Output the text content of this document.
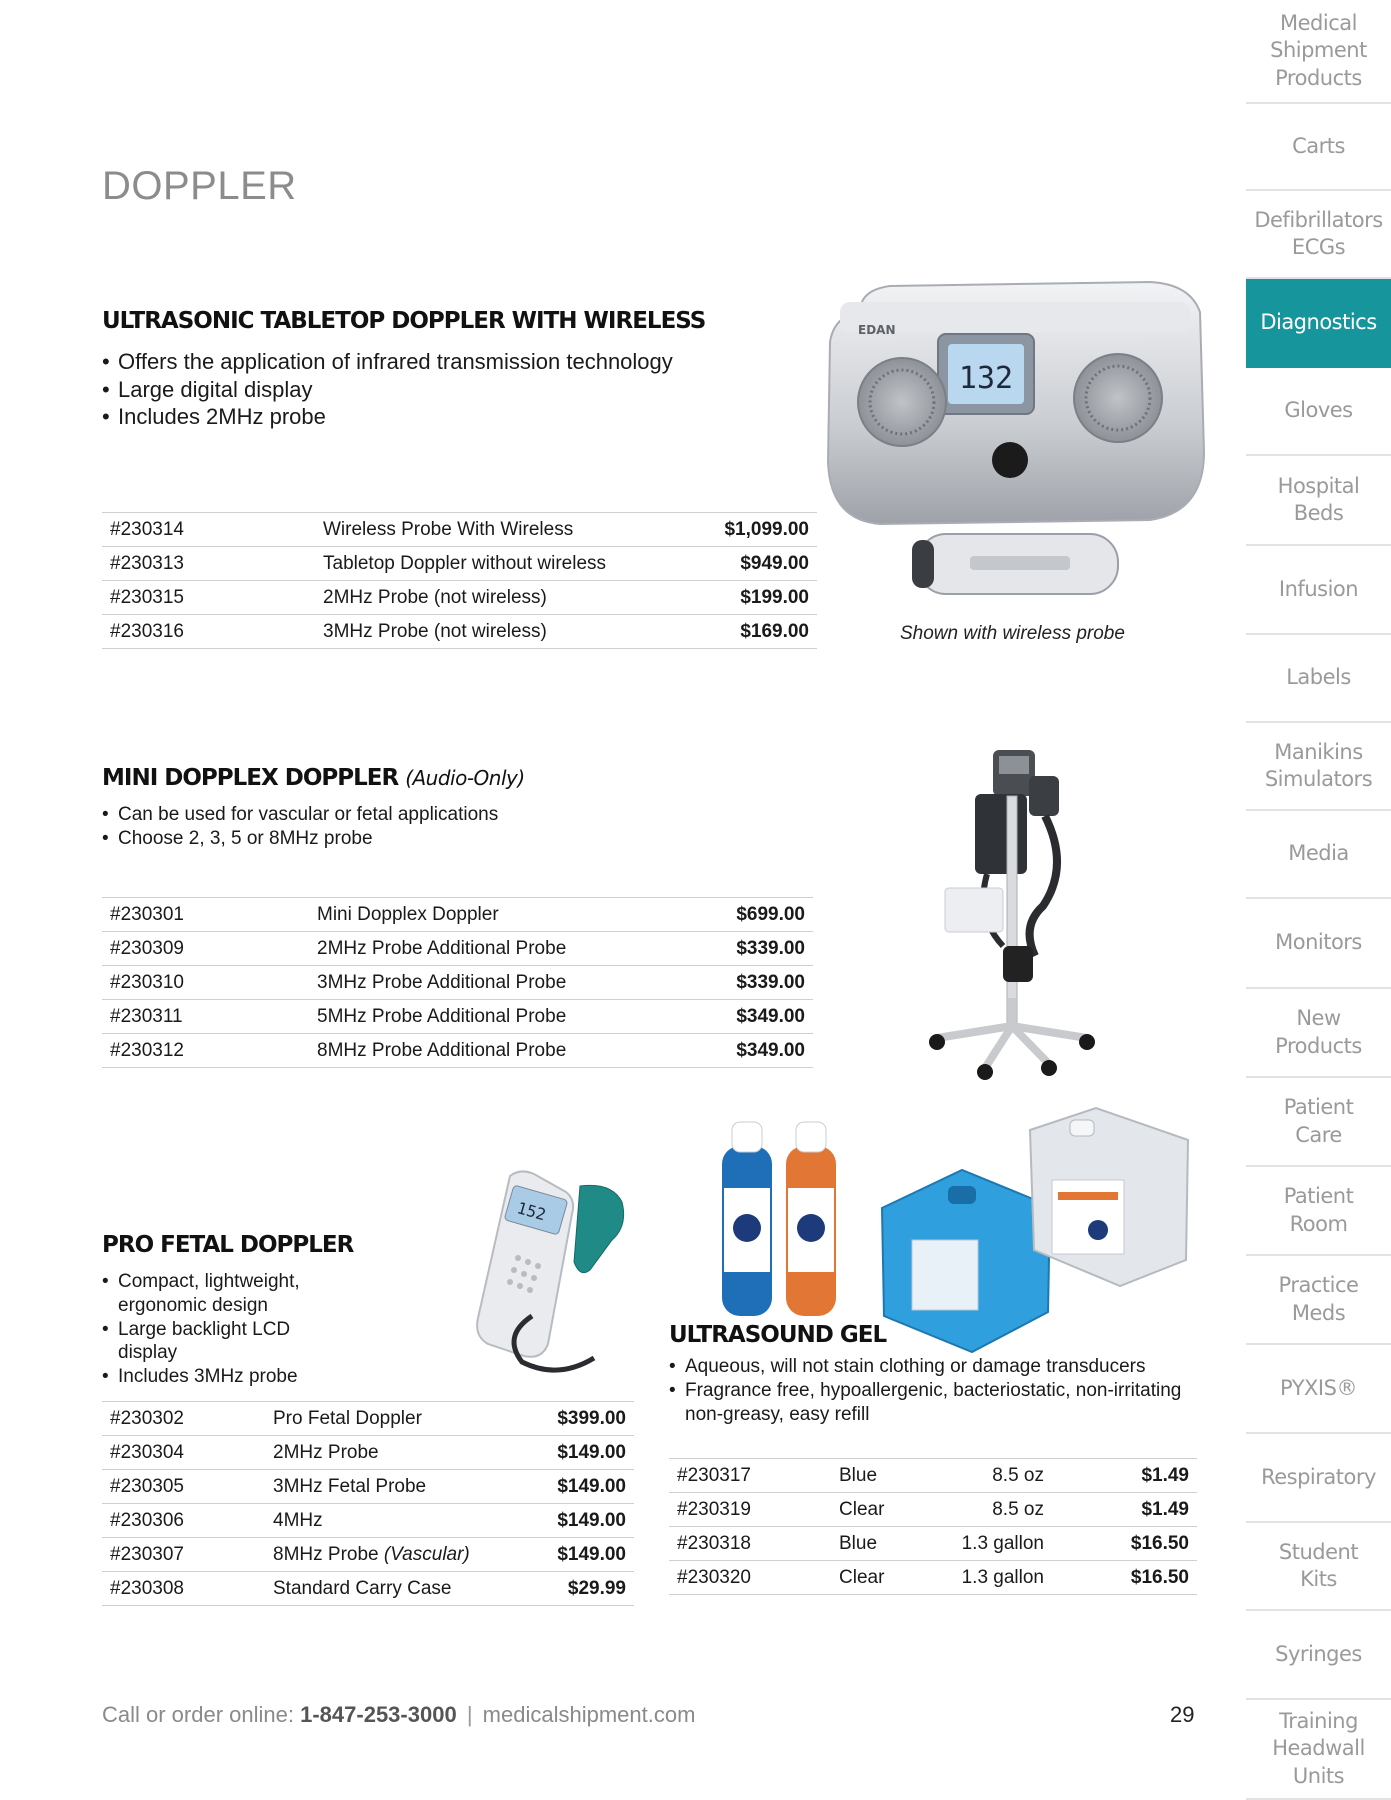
Medical
Shipment
Products
Carts
Defibrillators
ECGs
Diagnostics
Gloves
Hospital
Beds
Infusion
Labels
Manikins
Simulators
Media
Monitors
New
Products
Patient
Care
Patient
Room
Practice
Meds
PYXIS®
Respiratory
Student
Kits
Syringes
Training
Headwall
Units
DOPPLER
ULTRASONIC TABLETOP DOPPLER WITH WIRELESS
• Offers the application of infrared transmission technology
• Large digital display
• Includes 2MHz probe
#230314	Wireless Probe With Wireless	$1,099.00
#230313	Tabletop Doppler without wireless	$949.00
#230315	2MHz Probe (not wireless)	$199.00
#230316	3MHz Probe (not wireless)	$169.00
EDAN
132
Shown with wireless probe
MINI DOPPLEX DOPPLER (Audio-Only)
• Can be used for vascular or fetal applications
• Choose 2, 3, 5 or 8MHz probe
#230301	Mini Dopplex Doppler	$699.00
#230309	2MHz Probe Additional Probe	$339.00
#230310	3MHz Probe Additional Probe	$339.00
#230311	5MHz Probe Additional Probe	$349.00
#230312	8MHz Probe Additional Probe	$349.00
PRO FETAL DOPPLER
• Compact, lightweight, ergonomic design
• Large backlight LCD display
• Includes 3MHz probe
#230302	Pro Fetal Doppler	$399.00
#230304	2MHz Probe	$149.00
#230305	3MHz Fetal Probe	$149.00
#230306	4MHz	$149.00
#230307	8MHz Probe (Vascular)	$149.00
#230308	Standard Carry Case	$29.99
152
ULTRASOUND GEL
• Aqueous, will not stain clothing or damage transducers
• Fragrance free, hypoallergenic, bacteriostatic, non-irritating non-greasy, easy refill
#230317	Blue	8.5 oz	$1.49
#230319	Clear	8.5 oz	$1.49
#230318	Blue	1.3 gallon	$16.50
#230320	Clear	1.3 gallon	$16.50
Call or order online: 1-847-253-3000 | medicalshipment.com	29
